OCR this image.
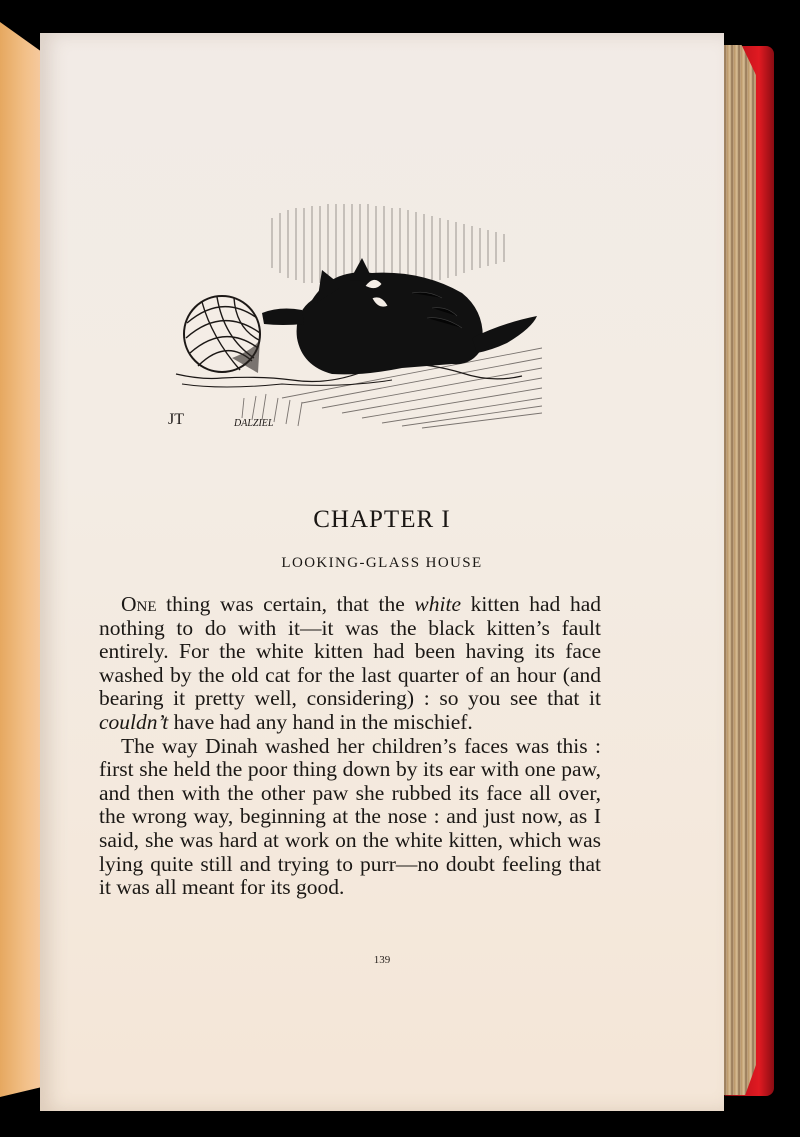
JT	DALZIEL
CHAPTER I
LOOKING-GLASS HOUSE

One thing was certain, that the white kitten had had nothing to do with it—it was the black kitten’s fault entirely. For the white kitten had been having its face washed by the old cat for the last quarter of an hour (and bearing it pretty well, considering) : so you see that it couldn’t have had any hand in the mischief.

The way Dinah washed her children’s faces was this : first she held the poor thing down by its ear with one paw, and then with the other paw she rubbed its face all over, the wrong way, beginning at the nose : and just now, as I said, she was hard at work on the white kitten, which was lying quite still and trying to purr—no doubt feeling that it was all meant for its good.

139
